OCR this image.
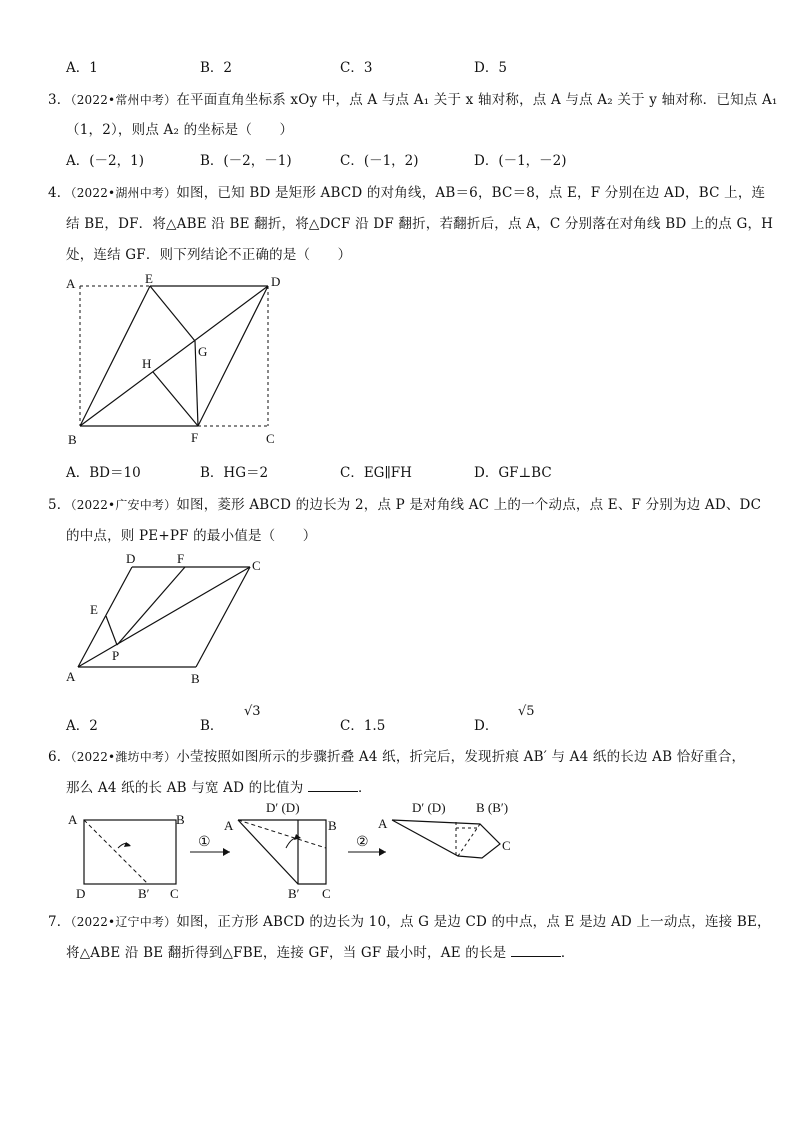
A．1	B．2	C．3	D．5
3．（2022•常州中考）在平面直角坐标系 xOy 中，点 A 与点 A₁ 关于 x 轴对称，点 A 与点 A₂ 关于 y 轴对称．已知点 A₁
（1，2），则点 A₂ 的坐标是（　　）
A．(－2，1)	B．(－2，－1)	C．(－1，2)	D．(－1，－2)
4．（2022•湖州中考）如图，已知 BD 是矩形 ABCD 的对角线，AB＝6，BC＝8，点 E，F 分别在边 AD，BC 上，连
结 BE，DF．将△ABE 沿 BE 翻折，将△DCF 沿 DF 翻折，若翻折后，点 A，C 分别落在对角线 BD 上的点 G，H
处，连结 GF．则下列结论不正确的是（　　）
A	E	D
G
H
B	F	C
A．BD＝10	B．HG＝2	C．EG∥FH	D．GF⊥BC
5．（2022•广安中考）如图，菱形 ABCD 的边长为 2，点 P 是对角线 AC 上的一个动点，点 E、F 分别为边 AD、DC
的中点，则 PE+PF 的最小值是（　　）
D	F	C
E
P
A	B
A．2	B．
√3
C．1.5	D．
√5
6．（2022•潍坊中考）小莹按照如图所示的步骤折叠 A4 纸，折完后，发现折痕 AB′ 与 A4 纸的长边 AB 恰好重合，
那么 A4 纸的长 AB 与宽 AD 的比值为	．
A	B
D	B′ C
①
D′ (D)
A	B
B′ C
②
D′ (D) B (B′)
A
C
7．（2022•辽宁中考）如图，正方形 ABCD 的边长为 10，点 G 是边 CD 的中点，点 E 是边 AD 上一动点，连接 BE，
将△ABE 沿 BE 翻折得到△FBE，连接 GF，当 GF 最小时，AE 的长是	．
